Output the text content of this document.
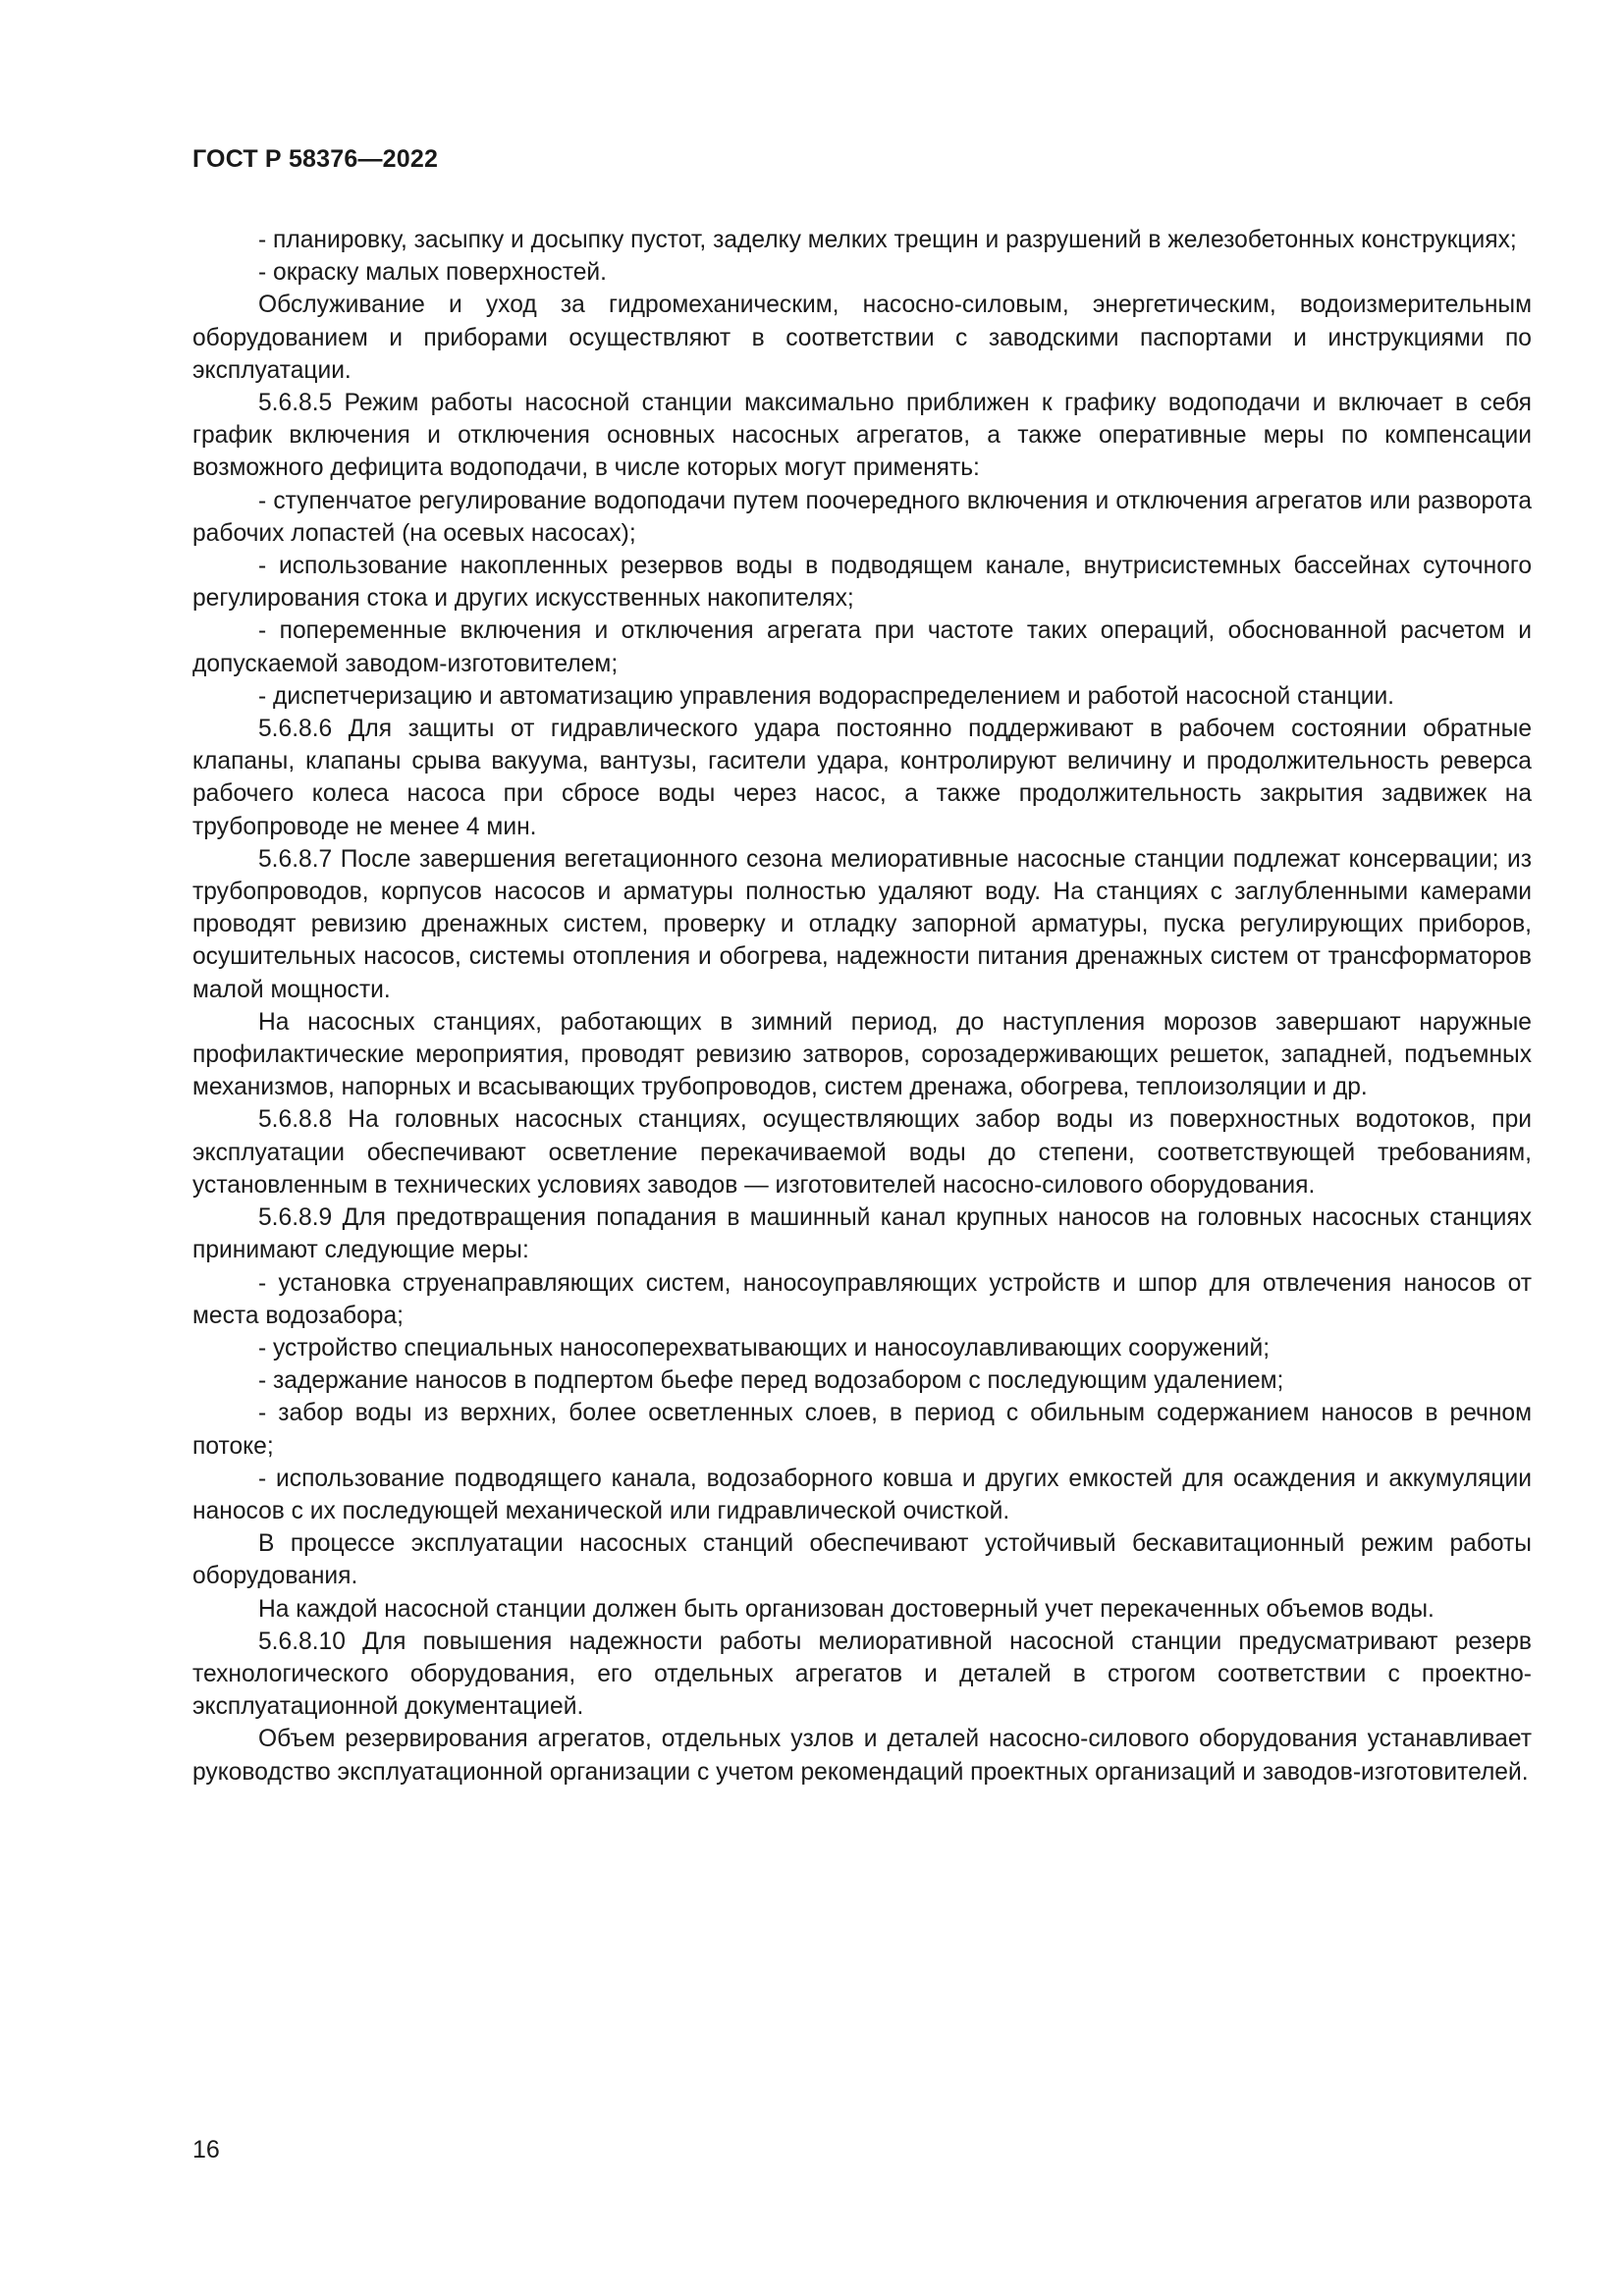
ГОСТ Р 58376—2022

- планировку, засыпку и досыпку пустот, заделку мелких трещин и разрушений в железобетонных конструкциях;

- окраску малых поверхностей.

Обслуживание и уход за гидромеханическим, насосно-силовым, энергетическим, водоизмерительным оборудованием и приборами осуществляют в соответствии с заводскими паспортами и инструкциями по эксплуатации.

5.6.8.5 Режим работы насосной станции максимально приближен к графику водоподачи и включает в себя график включения и отключения основных насосных агрегатов, а также оперативные меры по компенсации возможного дефицита водоподачи, в числе которых могут применять:

- ступенчатое регулирование водоподачи путем поочередного включения и отключения агрегатов или разворота рабочих лопастей (на осевых насосах);

- использование накопленных резервов воды в подводящем канале, внутрисистемных бассейнах суточного регулирования стока и других искусственных накопителях;

- попеременные включения и отключения агрегата при частоте таких операций, обоснованной расчетом и допускаемой заводом-изготовителем;

- диспетчеризацию и автоматизацию управления водораспределением и работой насосной станции.

5.6.8.6 Для защиты от гидравлического удара постоянно поддерживают в рабочем состоянии обратные клапаны, клапаны срыва вакуума, вантузы, гасители удара, контролируют величину и продолжительность реверса рабочего колеса насоса при сбросе воды через насос, а также продолжительность закрытия задвижек на трубопроводе не менее 4 мин.

5.6.8.7 После завершения вегетационного сезона мелиоративные насосные станции подлежат консервации; из трубопроводов, корпусов насосов и арматуры полностью удаляют воду. На станциях с заглубленными камерами проводят ревизию дренажных систем, проверку и отладку запорной арматуры, пуска регулирующих приборов, осушительных насосов, системы отопления и обогрева, надежности питания дренажных систем от трансформаторов малой мощности.

На насосных станциях, работающих в зимний период, до наступления морозов завершают наружные профилактические мероприятия, проводят ревизию затворов, сорозадерживающих решеток, западней, подъемных механизмов, напорных и всасывающих трубопроводов, систем дренажа, обогрева, теплоизоляции и др.

5.6.8.8 На головных насосных станциях, осуществляющих забор воды из поверхностных водотоков, при эксплуатации обеспечивают осветление перекачиваемой воды до степени, соответствующей требованиям, установленным в технических условиях заводов — изготовителей насосно-силового оборудования.

5.6.8.9 Для предотвращения попадания в машинный канал крупных наносов на головных насосных станциях принимают следующие меры:

- установка струенаправляющих систем, наносоуправляющих устройств и шпор для отвлечения наносов от места водозабора;

- устройство специальных наносоперехватывающих и наносоулавливающих сооружений;

- задержание наносов в подпертом бьефе перед водозабором с последующим удалением;

- забор воды из верхних, более осветленных слоев, в период с обильным содержанием наносов в речном потоке;

- использование подводящего канала, водозаборного ковша и других емкостей для осаждения и аккумуляции наносов с их последующей механической или гидравлической очисткой.

В процессе эксплуатации насосных станций обеспечивают устойчивый бескавитационный режим работы оборудования.

На каждой насосной станции должен быть организован достоверный учет перекаченных объемов воды.

5.6.8.10 Для повышения надежности работы мелиоративной насосной станции предусматривают резерв технологического оборудования, его отдельных агрегатов и деталей в строгом соответствии с проектно-эксплуатационной документацией.

Объем резервирования агрегатов, отдельных узлов и деталей насосно-силового оборудования устанавливает руководство эксплуатационной организации с учетом рекомендаций проектных организаций и заводов-изготовителей.

16
